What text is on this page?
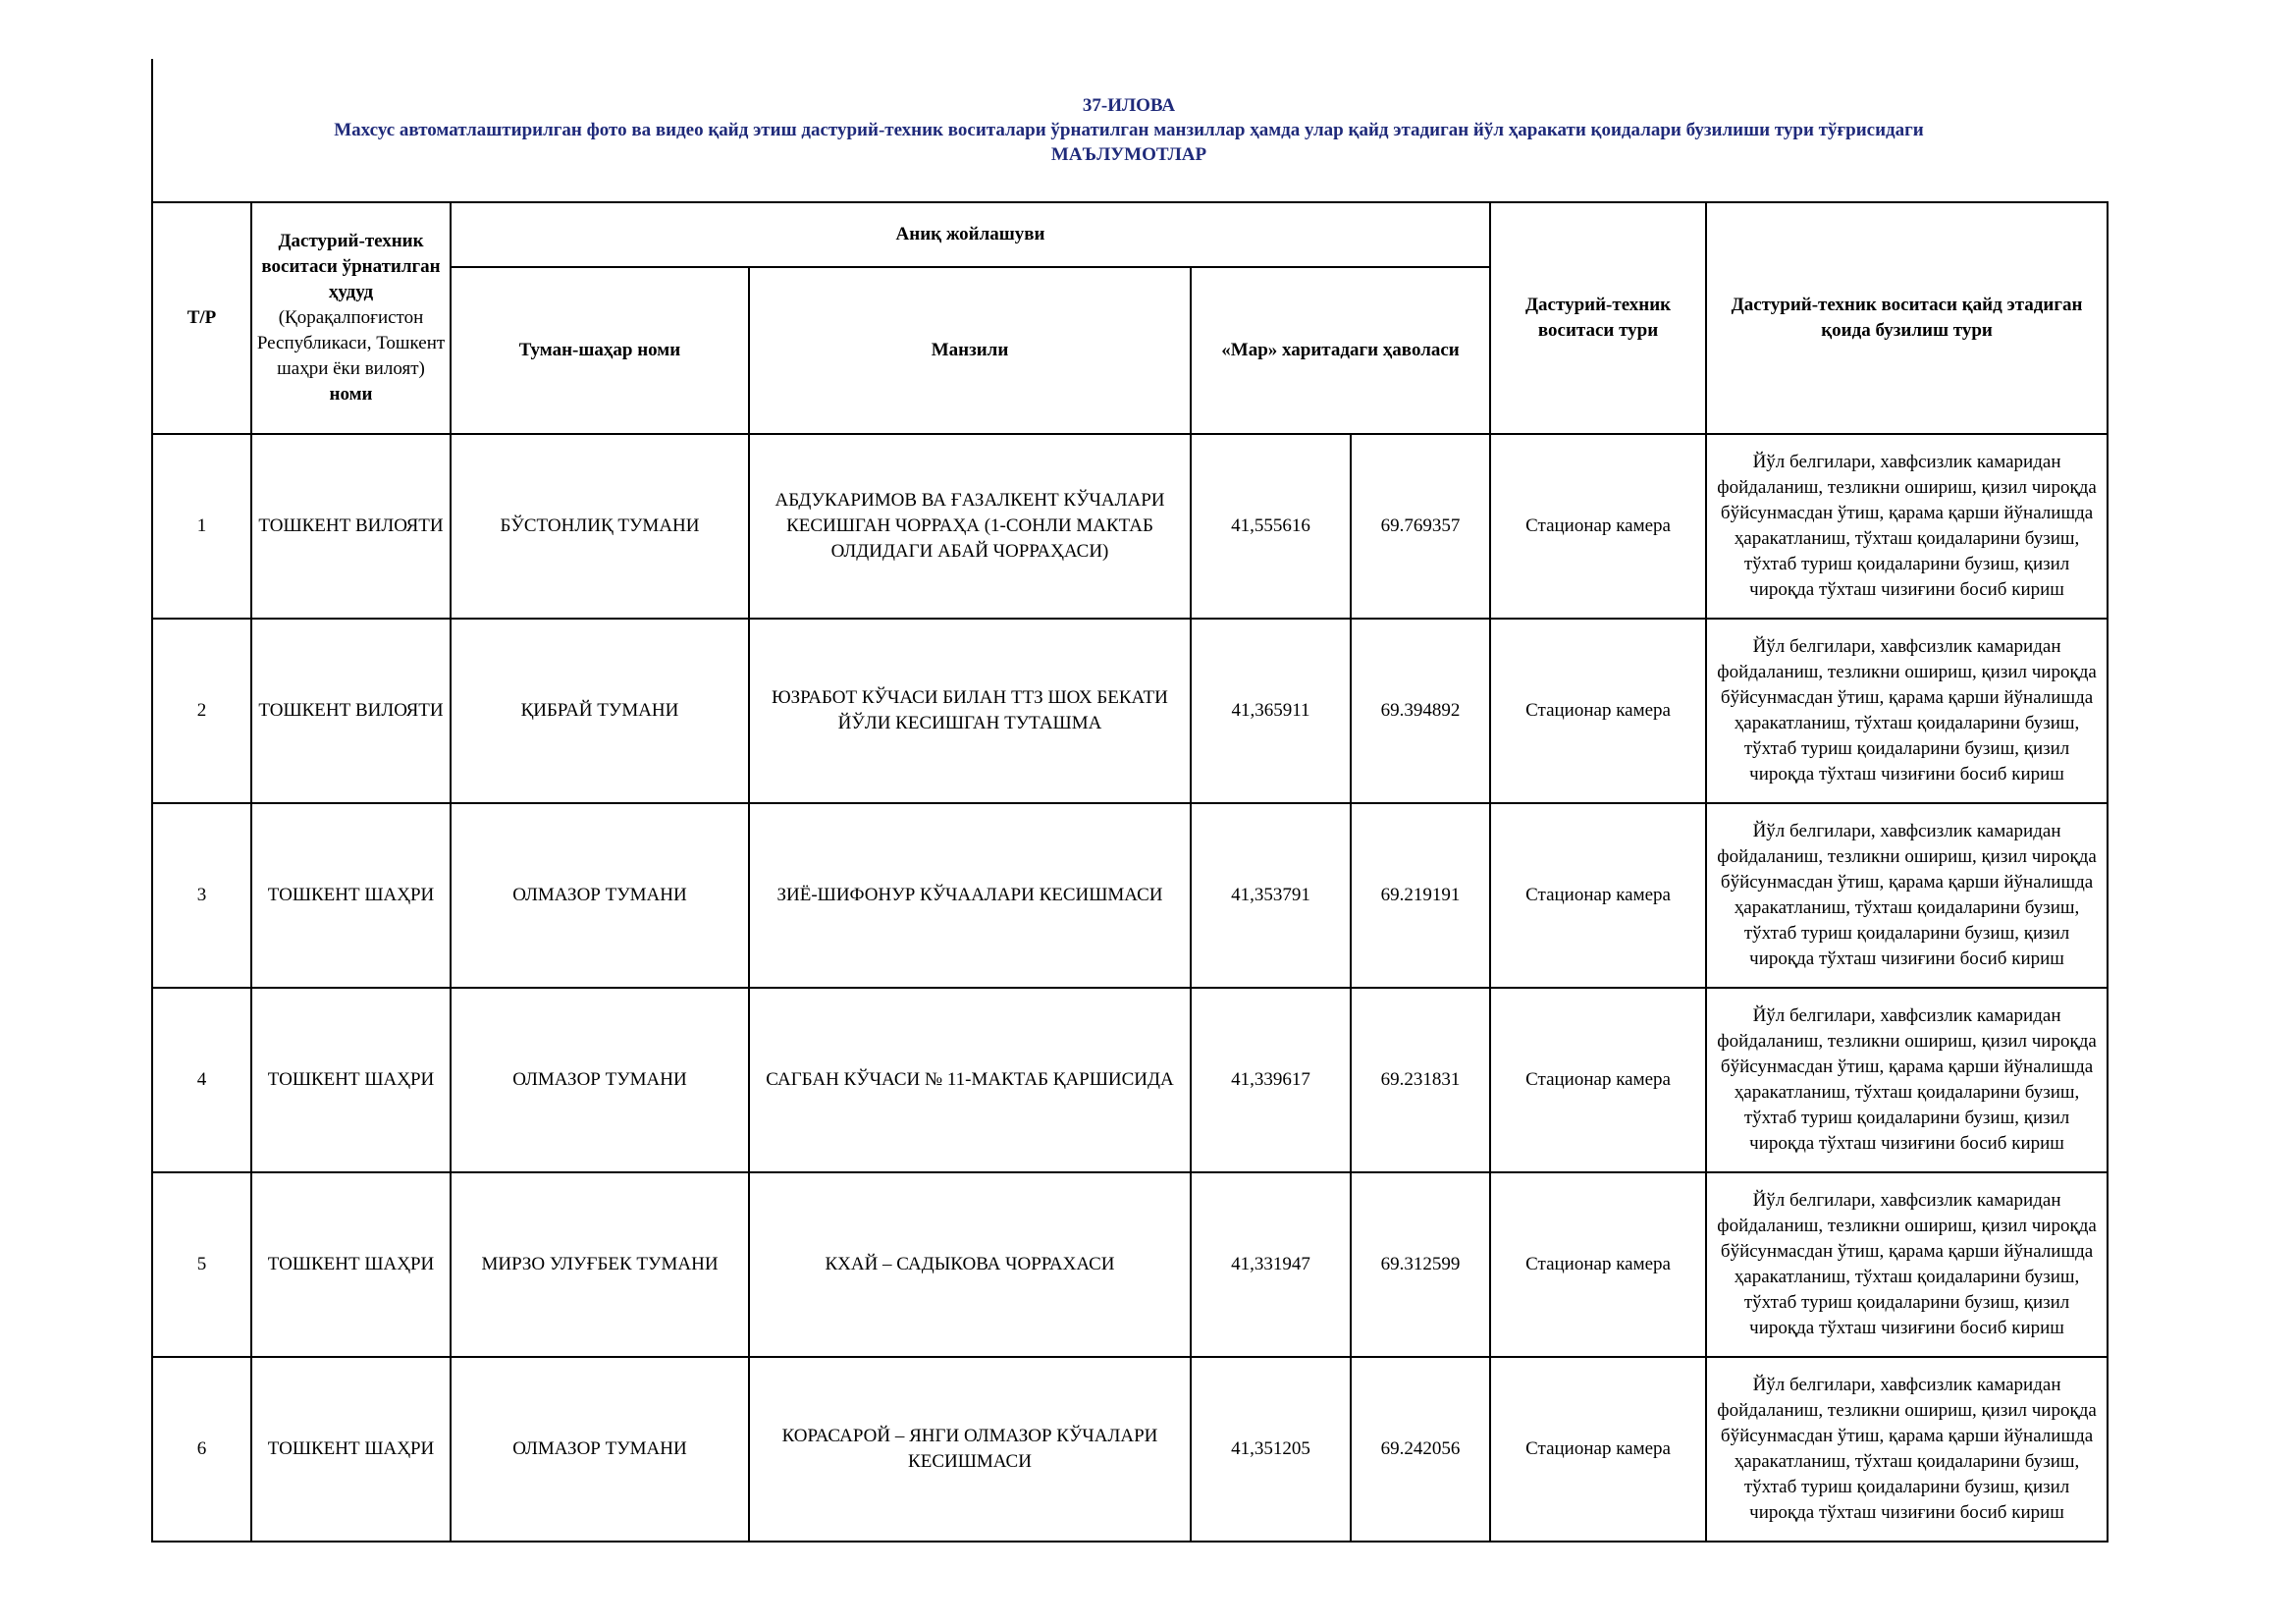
37-ИЛОВА
Махсус автоматлаштирилган фото ва видео қайд этиш дастурий-техник воситалари ўрнатилган манзиллар ҳамда улар қайд этадиган йўл ҳаракати қоидалари бузилиши тури тўғрисидаги
МАЪЛУМОТЛАР
Т/Р	Дастурий-техник воситаси ўрнатилган ҳудуд (Қорақалпоғистон Республикаси, Тошкент шаҳри ёки вилоят) номи	Аниқ жойлашуви				Дастурий-техник воситаси тури	Дастурий-техник воситаси қайд этадиган қоида бузилиш тури
		Туман-шаҳар номи	Манзили	«Мар» харитадаги ҳаволаси			
1	ТОШКЕНТ ВИЛОЯТИ	БЎСТОНЛИҚ ТУМАНИ	АБДУКАРИМОВ ВА ҒАЗАЛКЕНТ КЎЧАЛАРИ КЕСИШГАН ЧОРРАҲА (1-СОНЛИ МАКТАБ ОЛДИДАГИ АБАЙ ЧОРРАҲАСИ)	41,555616	69.769357	Стационар камера	Йўл белгилари, хавфсизлик камаридан фойдаланиш, тезликни ошириш, қизил чироқда бўйсунмасдан ўтиш, қарама қарши йўналишда ҳаракатланиш, тўхташ қоидаларини бузиш, тўхтаб туриш қоидаларини бузиш, қизил чироқда тўхташ чизиғини босиб кириш
2	ТОШКЕНТ ВИЛОЯТИ	ҚИБРАЙ ТУМАНИ	ЮЗРАБОТ КЎЧАСИ БИЛАН ТТЗ ШОХ БЕКАТИ ЙЎЛИ КЕСИШГАН ТУТАШМА	41,365911	69.394892	Стационар камера	Йўл белгилари, хавфсизлик камаридан фойдаланиш, тезликни ошириш, қизил чироқда бўйсунмасдан ўтиш, қарама қарши йўналишда ҳаракатланиш, тўхташ қоидаларини бузиш, тўхтаб туриш қоидаларини бузиш, қизил чироқда тўхташ чизиғини босиб кириш
3	ТОШКЕНТ ШАҲРИ	ОЛМАЗОР ТУМАНИ	ЗИЁ-ШИФОНУР КЎЧААЛАРИ КЕСИШМАСИ	41,353791	69.219191	Стационар камера	Йўл белгилари, хавфсизлик камаридан фойдаланиш, тезликни ошириш, қизил чироқда бўйсунмасдан ўтиш, қарама қарши йўналишда ҳаракатланиш, тўхташ қоидаларини бузиш, тўхтаб туриш қоидаларини бузиш, қизил чироқда тўхташ чизиғини босиб кириш
4	ТОШКЕНТ ШАҲРИ	ОЛМАЗОР ТУМАНИ	САГБАН КЎЧАСИ № 11-МАКТАБ ҚАРШИСИДА	41,339617	69.231831	Стационар камера	Йўл белгилари, хавфсизлик камаридан фойдаланиш, тезликни ошириш, қизил чироқда бўйсунмасдан ўтиш, қарама қарши йўналишда ҳаракатланиш, тўхташ қоидаларини бузиш, тўхтаб туриш қоидаларини бузиш, қизил чироқда тўхташ чизиғини босиб кириш
5	ТОШКЕНТ ШАҲРИ	МИРЗО УЛУҒБЕК ТУМАНИ	КХАЙ – САДЫКОВА ЧОРРАХАСИ	41,331947	69.312599	Стационар камера	Йўл белгилари, хавфсизлик камаридан фойдаланиш, тезликни ошириш, қизил чироқда бўйсунмасдан ўтиш, қарама қарши йўналишда ҳаракатланиш, тўхташ қоидаларини бузиш, тўхтаб туриш қоидаларини бузиш, қизил чироқда тўхташ чизиғини босиб кириш
6	ТОШКЕНТ ШАҲРИ	ОЛМАЗОР ТУМАНИ	КОРАСАРОЙ – ЯНГИ ОЛМАЗОР КЎЧАЛАРИ КЕСИШМАСИ	41,351205	69.242056	Стационар камера	Йўл белгилари, хавфсизлик камаридан фойдаланиш, тезликни ошириш, қизил чироқда бўйсунмасдан ўтиш, қарама қарши йўналишда ҳаракатланиш, тўхташ қоидаларини бузиш, тўхтаб туриш қоидаларини бузиш, қизил чироқда тўхташ чизиғини босиб кириш
